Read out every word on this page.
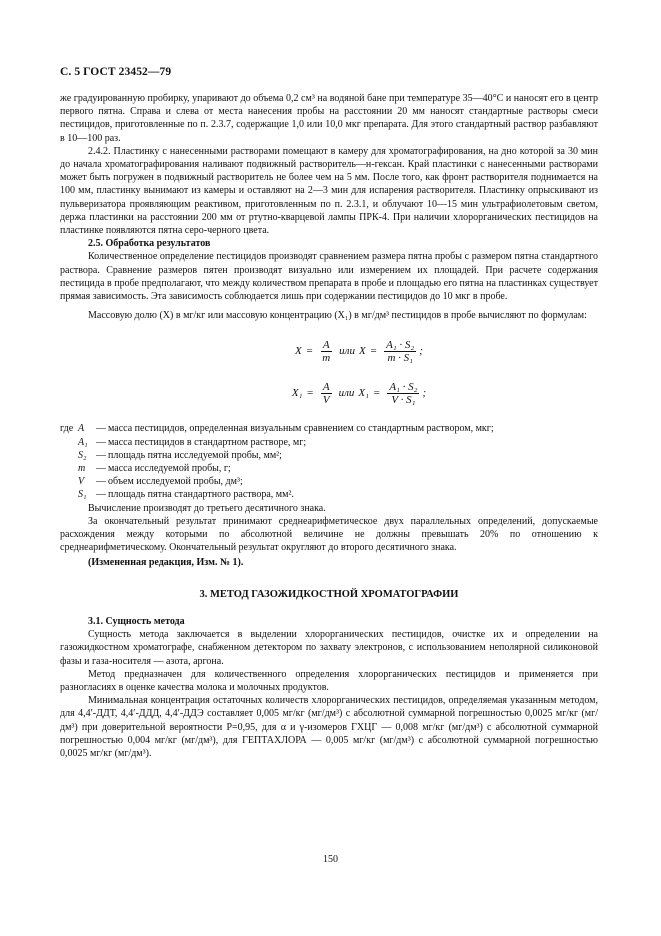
С. 5 ГОСТ 23452—79

же градуированную пробирку, упаривают до объема 0,2 см³ на водяной бане при температуре 35—40°С и наносят его в центр первого пятна. Справа и слева от места нанесения пробы на расстоянии 20 мм наносят стандартные растворы смеси пестицидов, приготовленные по п. 2.3.7, содержащие 1,0 или 10,0 мкг препарата. Для этого стандартный раствор разбавляют в 10—100 раз.

2.4.2. Пластинку с нанесенными растворами помещают в камеру для хроматографирования, на дно которой за 30 мин до начала хроматографирования наливают подвижный растворитель—н-гексан. Край пластинки с нанесенными растворами может быть погружен в подвижный растворитель не более чем на 5 мм. После того, как фронт растворителя поднимается на 100 мм, пластинку вынимают из камеры и оставляют на 2—3 мин для испарения растворителя. Пластинку опрыскивают из пульверизатора проявляющим реактивом, приготовленным по п. 2.3.1, и облучают 10—15 мин ультрафиолетовым светом, держа пластинки на расстоянии 200 мм от ртутно-кварцевой лампы ПРК-4. При наличии хлорорганических пестицидов на пластинке появляются пятна серо-черного цвета.

2.5. Обработка результатов

Количественное определение пестицидов производят сравнением размера пятна пробы с размером пятна стандартного раствора. Сравнение размеров пятен производят визуально или измерением их площадей. При расчете содержания пестицида в пробе предполагают, что между количеством препарата в пробе и площадью его пятна на пластинках существует прямая зависимость. Эта зависимость соблюдается лишь при содержании пестицидов до 10 мкг в пробе.

Массовую долю (X) в мг/кг или массовую концентрацию (X₁) в мг/дм³ пестицидов в пробе вычисляют по формулам:

$X = \frac{A}{m}$ или $X = \frac{\text{A₁ · S₂}}{\text{m · S₁}}$ ;
$X_1 = \frac{A}{V}$ или $X_1 = \frac{\text{A₁ · S₂}}{\text{V · S₁}}$ ;
где A	— масса пестицидов, определенная визуальным сравнением со стандартным раствором, мкг;
A₁ — масса пестицидов в стандартном растворе, мг;
S₂ — площадь пятна исследуемой пробы, мм²;
m	— масса исследуемой пробы, г;
V	— объем исследуемой пробы, дм³;
S₁ — площадь пятна стандартного раствора, мм².

Вычисление производят до третьего десятичного знака.

За окончательный результат принимают среднеарифметическое двух параллельных определений, допускаемые расхождения между которыми по абсолютной величине не должны превышать 20% по отношению к среднеарифметическому. Окончательный результат округляют до второго десятичного знака.

(Измененная редакция, Изм. № 1).

3. МЕТОД ГАЗОЖИДКОСТНОЙ ХРОМАТОГРАФИИ

3.1. Сущность метода

Сущность метода заключается в выделении хлорорганических пестицидов, очистке их и определении на газожидкостном хроматографе, снабженном детектором по захвату электронов, с использованием неполярной силиконовой фазы и газа-носителя — азота, аргона.

Метод предназначен для количественного определения хлорорганических пестицидов и применяется при разногласиях в оценке качества молока и молочных продуктов.

Минимальная концентрация остаточных количеств хлорорганических пестицидов, определяемая указанным методом, для 4,4′-ДДТ, 4,4′-ДДД, 4,4′-ДДЭ составляет 0,005 мг/кг (мг/дм³) с абсолютной суммарной погрешностью 0,0025 мг/кг (мг/дм³) при доверительной вероятности P=0,95, для α и γ-изомеров ГХЦГ — 0,008 мг/кг (мг/дм³) с абсолютной суммарной погрешностью 0,004 мг/кг (мг/дм³), для ГЕПТАХЛОРА — 0,005 мг/кг (мг/дм³) с абсолютной суммарной погрешностью 0,0025 мг/кг (мг/дм³).

150
